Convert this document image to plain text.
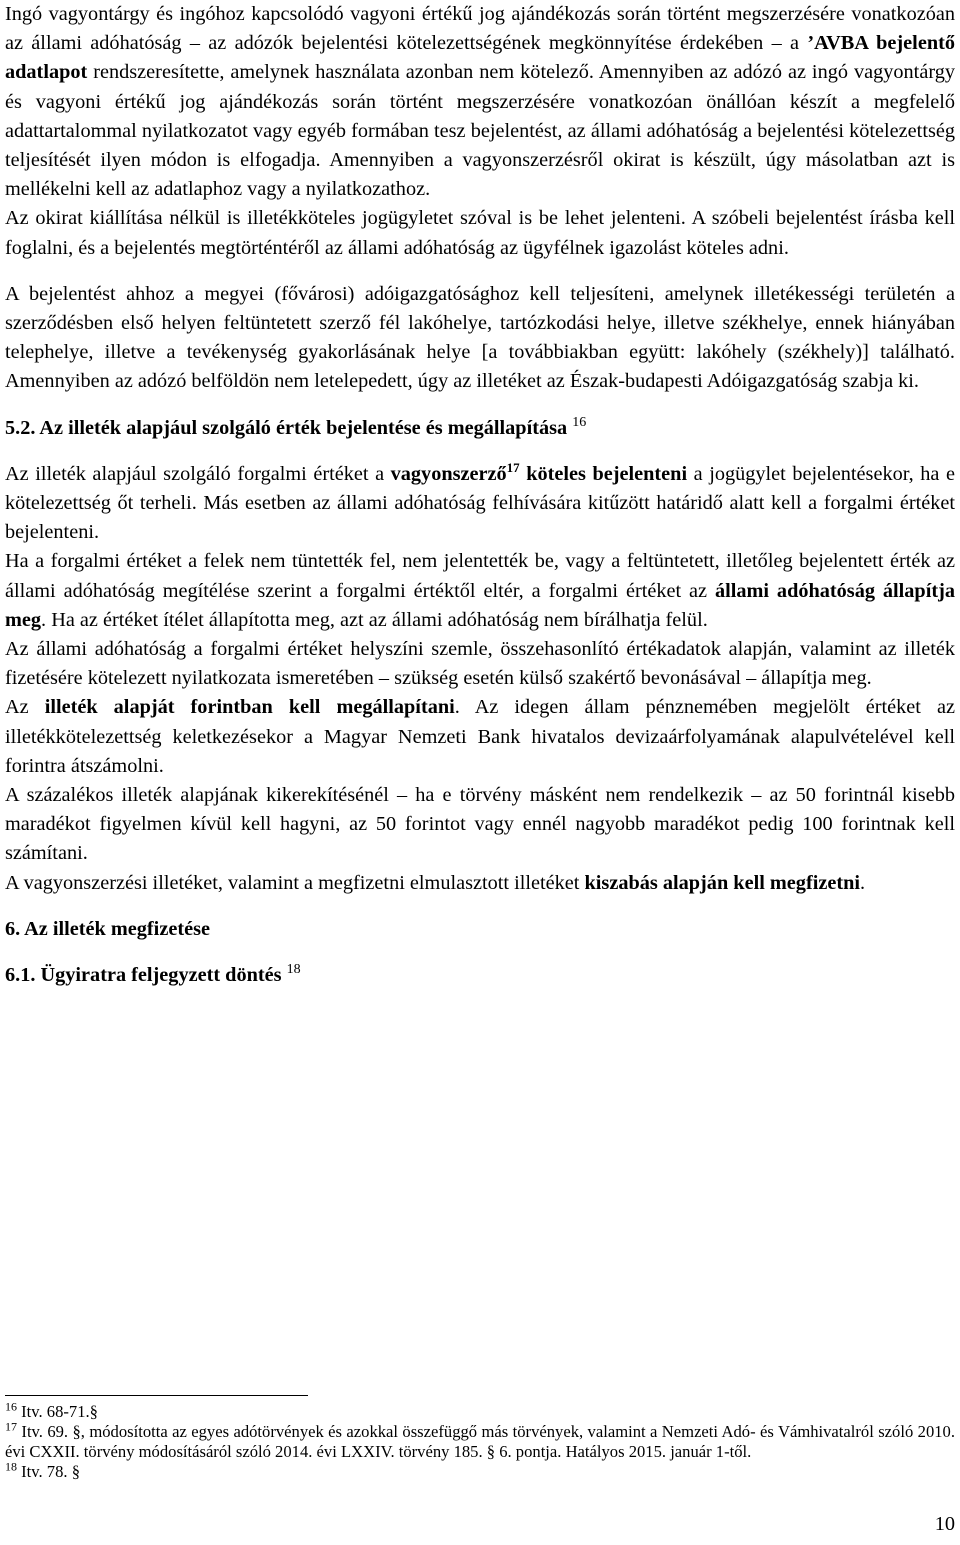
Ingó vagyontárgy és ingóhoz kapcsolódó vagyoni értékű jog ajándékozás során történt megszerzésére vonatkozóan az állami adóhatóság – az adózók bejelentési kötelezettségének megkönnyítése érdekében – a ’AVBA bejelentő adatlapot rendszeresítette, amelynek használata azonban nem kötelező. Amennyiben az adózó az ingó vagyontárgy és vagyoni értékű jog ajándékozás során történt megszerzésére vonatkozóan önállóan készít a megfelelő adattartalommal nyilatkozatot vagy egyéb formában tesz bejelentést, az állami adóhatóság a bejelentési kötelezettség teljesítését ilyen módon is elfogadja. Amennyiben a vagyonszerzésről okirat is készült, úgy másolatban azt is mellékelni kell az adatlaphoz vagy a nyilatkozathoz.

Az okirat kiállítása nélkül is illetékköteles jogügyletet szóval is be lehet jelenteni. A szóbeli bejelentést írásba kell foglalni, és a bejelentés megtörténtéről az állami adóhatóság az ügyfélnek igazolást köteles adni.

A bejelentést ahhoz a megyei (fővárosi) adóigazgatósághoz kell teljesíteni, amelynek illetékességi területén a szerződésben első helyen feltüntetett szerző fél lakóhelye, tartózkodási helye, illetve székhelye, ennek hiányában telephelye, illetve a tevékenység gyakorlásának helye [a továbbiakban együtt: lakóhely (székhely)] található. Amennyiben az adózó belföldön nem letelepedett, úgy az illetéket az Észak-budapesti Adóigazgatóság szabja ki.

5.2. Az illeték alapjául szolgáló érték bejelentése és megállapítása $^{16}$

Az illeték alapjául szolgáló forgalmi értéket a vagyonszerző$^{17}$ köteles bejelenteni a jogügylet bejelentésekor, ha e kötelezettség őt terheli. Más esetben az állami adóhatóság felhívására kitűzött határidő alatt kell a forgalmi értéket bejelenteni.

Ha a forgalmi értéket a felek nem tüntették fel, nem jelentették be, vagy a feltüntetett, illetőleg bejelentett érték az állami adóhatóság megítélése szerint a forgalmi értéktől eltér, a forgalmi értéket az állami adóhatóság állapítja meg. Ha az értéket ítélet állapította meg, azt az állami adóhatóság nem bírálhatja felül.

Az állami adóhatóság a forgalmi értéket helyszíni szemle, összehasonlító értékadatok alapján, valamint az illeték fizetésére kötelezett nyilatkozata ismeretében – szükség esetén külső szakértő bevonásával – állapítja meg.

Az illeték alapját forintban kell megállapítani. Az idegen állam pénznemében megjelölt értéket az illetékkötelezettség keletkezésekor a Magyar Nemzeti Bank hivatalos devizaárfolyamának alapulvételével kell forintra átszámolni.

A százalékos illeték alapjának kikerekítésénél – ha e törvény másként nem rendelkezik – az 50 forintnál kisebb maradékot figyelmen kívül kell hagyni, az 50 forintot vagy ennél nagyobb maradékot pedig 100 forintnak kell számítani.

A vagyonszerzési illetéket, valamint a megfizetni elmulasztott illetéket kiszabás alapján kell megfizetni.

6. Az illeték megfizetése

6.1. Ügyiratra feljegyzett döntés $^{18}$

$^{16}$ Itv. 68-71.§

$^{17}$ Itv. 69. §, módosította az egyes adótörvények és azokkal összefüggő más törvények, valamint a Nemzeti Adó- és Vámhivatalról szóló 2010. évi CXXII. törvény módosításáról szóló 2014. évi LXXIV. törvény 185. § 6. pontja. Hatályos 2015. január 1-től.

$^{18}$ Itv. 78. §

10
